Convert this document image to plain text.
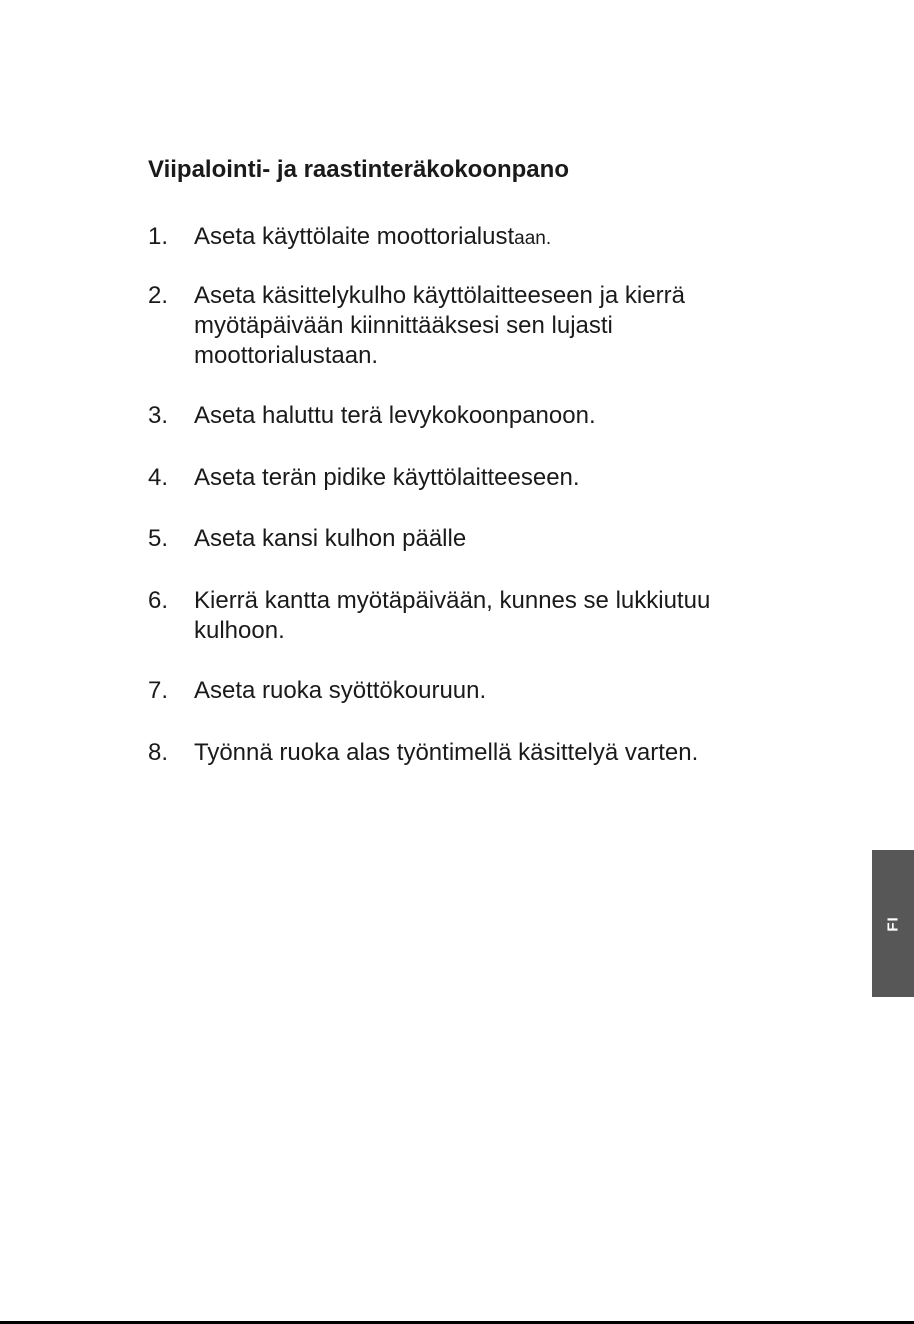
Viipalointi- ja raastinteräkokoonpano
1.	Aseta käyttölaite moottorialustaan.
2.	Aseta käsittelykulho käyttölaitteeseen ja kierrä
myötäpäivään kiinnittääksesi sen lujasti
moottorialustaan.
3.	Aseta haluttu terä levykokoonpanoon.
4.	Aseta terän pidike käyttölaitteeseen.
5.	Aseta kansi kulhon päälle
6.	Kierrä kantta myötäpäivään, kunnes se lukkiutuu
kulhoon.
7.	Aseta ruoka syöttökouruun.
8.	Työnnä ruoka alas työntimellä käsittelyä varten.
FI
